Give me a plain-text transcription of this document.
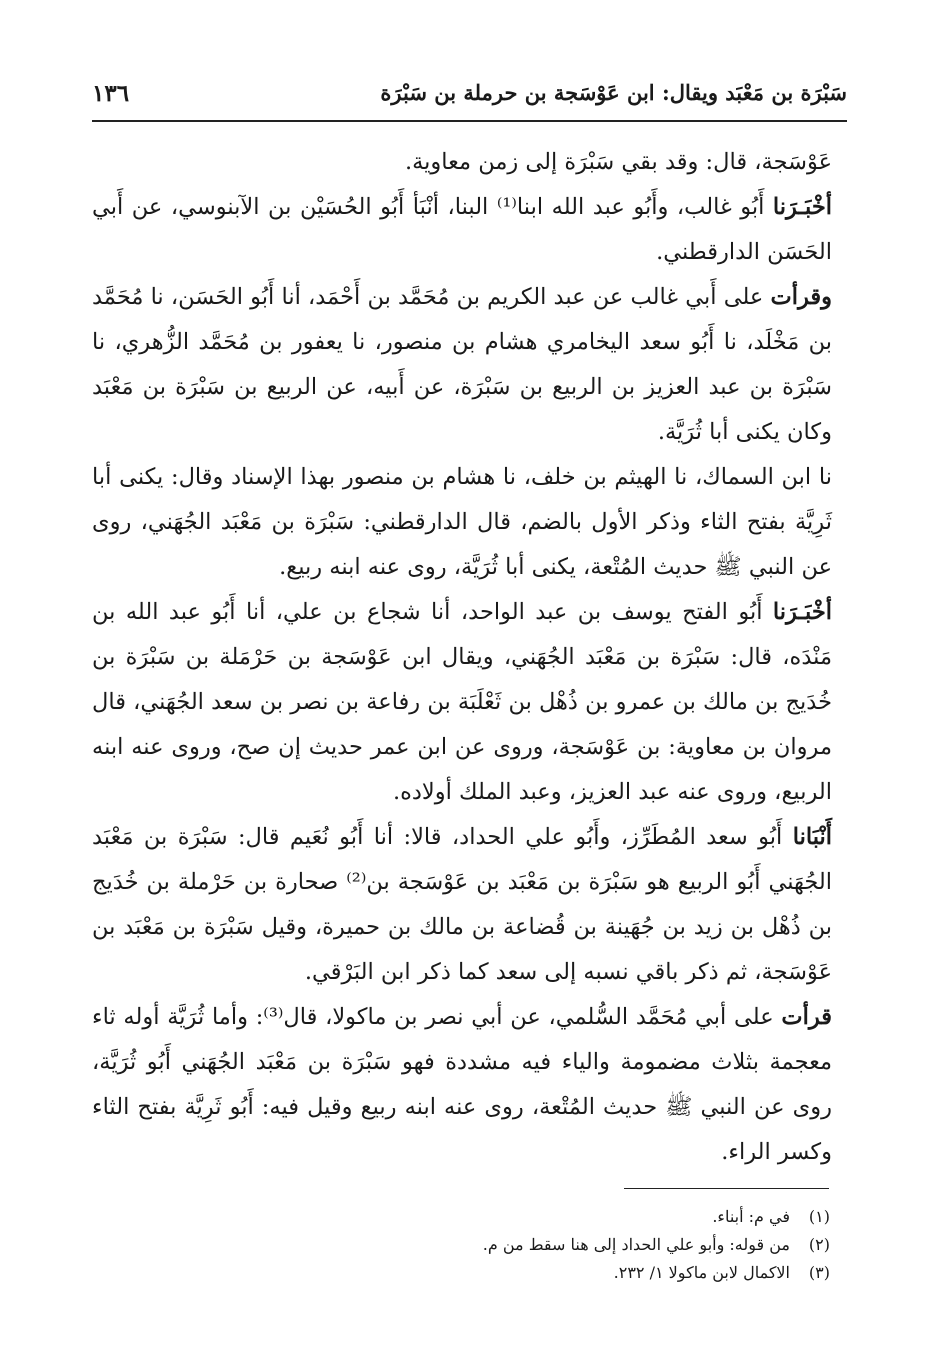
سَبْرَة بن مَعْبَد ويقال: ابن عَوْسَجة بن حرملة بن سَبْرَة
١٣٦

عَوْسَجة، قال: وقد بقي سَبْرَة إلى زمن معاوية.

أخْبَـرَنا أَبُو غالب، وأَبُو عبد الله ابنا⁽¹⁾ البنا، أنْبَأ أَبُو الحُسَيْن بن الآبنوسي، عن أَبي الحَسَن الدارقطني.

وقرأت على أَبي غالب عن عبد الكريم بن مُحَمَّد بن أَحْمَد، أنا أَبُو الحَسَن، نا مُحَمَّد بن مَخْلَد، نا أَبُو سعد اليخامري هشام بن منصور، نا يعفور بن مُحَمَّد الزُّهري، نا سَبْرَة بن عبد العزيز بن الربيع بن سَبْرَة، عن أَبيه، عن الربيع بن سَبْرَة بن مَعْبَد وكان يكنى أبا ثُرَيَّة.

نا ابن السماك، نا الهيثم بن خلف، نا هشام بن منصور بهذا الإسناد وقال: يكنى أبا ثَرِيَّة بفتح الثاء وذكر الأول بالضم، قال الدارقطني: سَبْرَة بن مَعْبَد الجُهَني، روى عن النبي ﷺ حديث المُتْعة، يكنى أبا ثُرَيَّة، روى عنه ابنه ربيع.

أخْبَـرَنا أَبُو الفتح يوسف بن عبد الواحد، أنا شجاع بن علي، أنا أَبُو عبد الله بن مَنْدَه، قال: سَبْرَة بن مَعْبَد الجُهَني، ويقال ابن عَوْسَجة بن حَرْمَلة بن سَبْرَة بن خُدَيج بن مالك بن عمرو بن ذُهْل بن ثَعْلَبَة بن رفاعة بن نصر بن سعد الجُهَني، قال مروان بن معاوية: بن عَوْسَجة، وروى عن ابن عمر حديث إن صح، وروى عنه ابنه الربيع، وروى عنه عبد العزيز، وعبد الملك أولاده.

أَنْبَانا أَبُو سعد المُطَرِّز، وأَبُو علي الحداد، قالا: أنا أَبُو نُعَيم قال: سَبْرَة بن مَعْبَد الجُهَني أَبُو الربيع هو سَبْرَة بن مَعْبَد بن عَوْسَجة بن⁽²⁾ صحارة بن حَرْملة بن خُدَيج بن ذُهْل بن زيد بن جُهَينة بن قُضاعة بن مالك بن حميرة، وقيل سَبْرَة بن مَعْبَد بن عَوْسَجة، ثم ذكر باقي نسبه إلى سعد كما ذكر ابن البَرْقي.

قرأت على أبي مُحَمَّد السُّلمي، عن أبي نصر بن ماكولا، قال⁽³⁾: وأما ثُرَيَّة أوله ثاء معجمة بثلاث مضمومة والياء فيه مشددة فهو سَبْرَة بن مَعْبَد الجُهَني أَبُو ثُرَيَّة، روى عن النبي ﷺ حديث المُتْعة، روى عنه ابنه ربيع وقيل فيه: أَبُو ثَرِيَّة بفتح الثاء وكسر الراء.

(١)في م: أبناء.
(٢)من قوله: وأبو علي الحداد إلى هنا سقط من م.
(٣)الاكمال لابن ماكولا ١/ ٢٣٢.
